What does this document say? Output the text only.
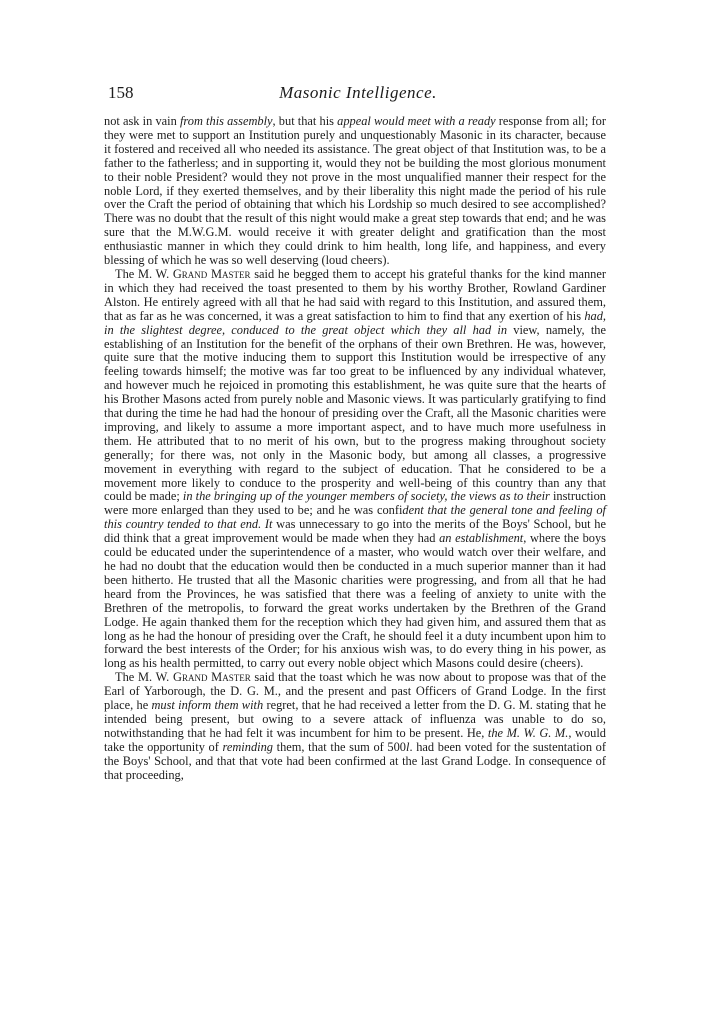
158	Masonic Intelligence.

not ask in vain from this assembly, but that his appeal would meet with a ready response from all; for they were met to support an Institution purely and unquestionably Masonic in its character, because it fostered and received all who needed its assistance. The great object of that Institution was, to be a father to the fatherless; and in supporting it, would they not be building the most glorious monument to their noble President? would they not prove in the most unqualified manner their respect for the noble Lord, if they exerted themselves, and by their liberality this night made the period of his rule over the Craft the period of obtaining that which his Lordship so much desired to see accomplished? There was no doubt that the result of this night would make a great step towards that end; and he was sure that the M.W.G.M. would receive it with greater delight and gratification than the most enthusiastic manner in which they could drink to him health, long life, and happiness, and every blessing of which he was so well deserving (loud cheers).

The M. W. Grand Master said he begged them to accept his grateful thanks for the kind manner in which they had received the toast presented to them by his worthy Brother, Rowland Gardiner Alston. He entirely agreed with all that he had said with regard to this Institution, and assured them, that as far as he was concerned, it was a great satisfaction to him to find that any exertion of his had, in the slightest degree, conduced to the great object which they all had in view, namely, the establishing of an Institution for the benefit of the orphans of their own Brethren. He was, however, quite sure that the motive inducing them to support this Institution would be irrespective of any feeling towards himself; the motive was far too great to be influenced by any individual whatever, and however much he rejoiced in promoting this establishment, he was quite sure that the hearts of his Brother Masons acted from purely noble and Masonic views. It was particularly gratifying to find that during the time he had had the honour of presiding over the Craft, all the Masonic charities were improving, and likely to assume a more important aspect, and to have much more usefulness in them. He attributed that to no merit of his own, but to the progress making throughout society generally; for there was, not only in the Masonic body, but among all classes, a progressive movement in everything with regard to the subject of education. That he considered to be a movement more likely to conduce to the prosperity and well-being of this country than any that could be made; in the bringing up of the younger members of society, the views as to their instruction were more enlarged than they used to be; and he was confident that the general tone and feeling of this country tended to that end. It was unnecessary to go into the merits of the Boys' School, but he did think that a great improvement would be made when they had an establishment, where the boys could be educated under the superintendence of a master, who would watch over their welfare, and he had no doubt that the education would then be conducted in a much superior manner than it had been hitherto. He trusted that all the Masonic charities were progressing, and from all that he had heard from the Provinces, he was satisfied that there was a feeling of anxiety to unite with the Brethren of the metropolis, to forward the great works undertaken by the Brethren of the Grand Lodge. He again thanked them for the reception which they had given him, and assured them that as long as he had the honour of presiding over the Craft, he should feel it a duty incumbent upon him to forward the best interests of the Order; for his anxious wish was, to do every thing in his power, as long as his health permitted, to carry out every noble object which Masons could desire (cheers).

The M. W. Grand Master said that the toast which he was now about to propose was that of the Earl of Yarborough, the D. G. M., and the present and past Officers of Grand Lodge. In the first place, he must inform them with regret, that he had received a letter from the D. G. M. stating that he intended being present, but owing to a severe attack of influenza was unable to do so, notwithstanding that he had felt it was incumbent for him to be present. He, the M. W. G. M., would take the opportunity of reminding them, that the sum of 500l. had been voted for the sustentation of the Boys' School, and that that vote had been confirmed at the last Grand Lodge. In consequence of that proceeding,
